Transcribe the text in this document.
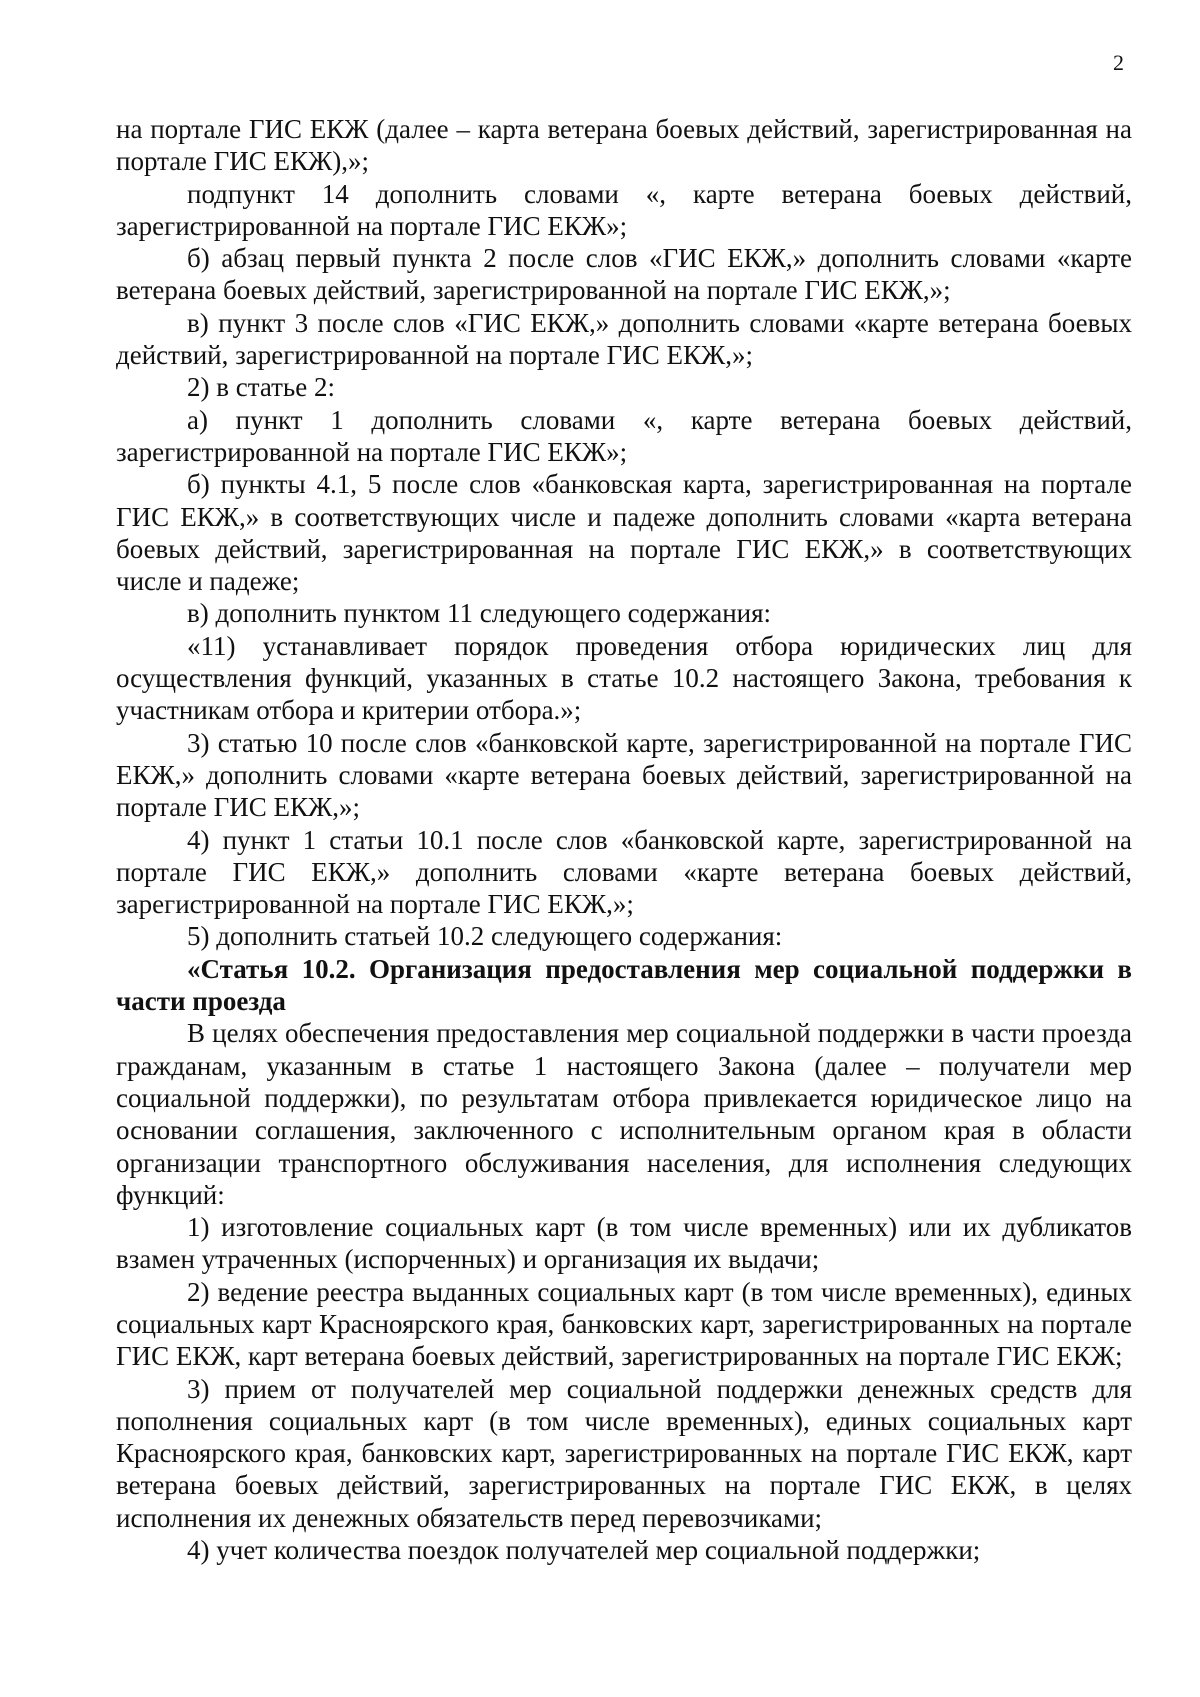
2

на портале ГИС ЕКЖ (далее – карта ветерана боевых действий, зарегистрированная на портале ГИС ЕКЖ),»;

подпункт 14 дополнить словами «, карте ветерана боевых действий, зарегистрированной на портале ГИС ЕКЖ»;

б) абзац первый пункта 2 после слов «ГИС ЕКЖ,» дополнить словами «карте ветерана боевых действий, зарегистрированной на портале ГИС ЕКЖ,»;

в) пункт 3 после слов «ГИС ЕКЖ,» дополнить словами «карте ветерана боевых действий, зарегистрированной на портале ГИС ЕКЖ,»;

2) в статье 2:

а) пункт 1 дополнить словами «, карте ветерана боевых действий, зарегистрированной на портале ГИС ЕКЖ»;

б) пункты 4.1, 5 после слов «банковская карта, зарегистрированная на портале ГИС ЕКЖ,» в соответствующих числе и падеже дополнить словами «карта ветерана боевых действий, зарегистрированная на портале ГИС ЕКЖ,» в соответствующих числе и падеже;

в) дополнить пунктом 11 следующего содержания:

«11) устанавливает порядок проведения отбора юридических лиц для осуществления функций, указанных в статье 10.2 настоящего Закона, требования к участникам отбора и критерии отбора.»;

3) статью 10 после слов «банковской карте, зарегистрированной на портале ГИС ЕКЖ,» дополнить словами «карте ветерана боевых действий, зарегистрированной на портале ГИС ЕКЖ,»;

4) пункт 1 статьи 10.1 после слов «банковской карте, зарегистрированной на портале ГИС ЕКЖ,» дополнить словами «карте ветерана боевых действий, зарегистрированной на портале ГИС ЕКЖ,»;

5) дополнить статьей 10.2 следующего содержания:

«Статья 10.2. Организация предоставления мер социальной поддержки в части проезда

В целях обеспечения предоставления мер социальной поддержки в части проезда гражданам, указанным в статье 1 настоящего Закона (далее – получатели мер социальной поддержки), по результатам отбора привлекается юридическое лицо на основании соглашения, заключенного с исполнительным органом края в области организации транспортного обслуживания населения, для исполнения следующих функций:

1) изготовление социальных карт (в том числе временных) или их дубликатов взамен утраченных (испорченных) и организация их выдачи;

2) ведение реестра выданных социальных карт (в том числе временных), единых социальных карт Красноярского края, банковских карт, зарегистрированных на портале ГИС ЕКЖ, карт ветерана боевых действий, зарегистрированных на портале ГИС ЕКЖ;

3) прием от получателей мер социальной поддержки денежных средств для пополнения социальных карт (в том числе временных), единых социальных карт Красноярского края, банковских карт, зарегистрированных на портале ГИС ЕКЖ, карт ветерана боевых действий, зарегистрированных на портале ГИС ЕКЖ, в целях исполнения их денежных обязательств перед перевозчиками;

4) учет количества поездок получателей мер социальной поддержки;
